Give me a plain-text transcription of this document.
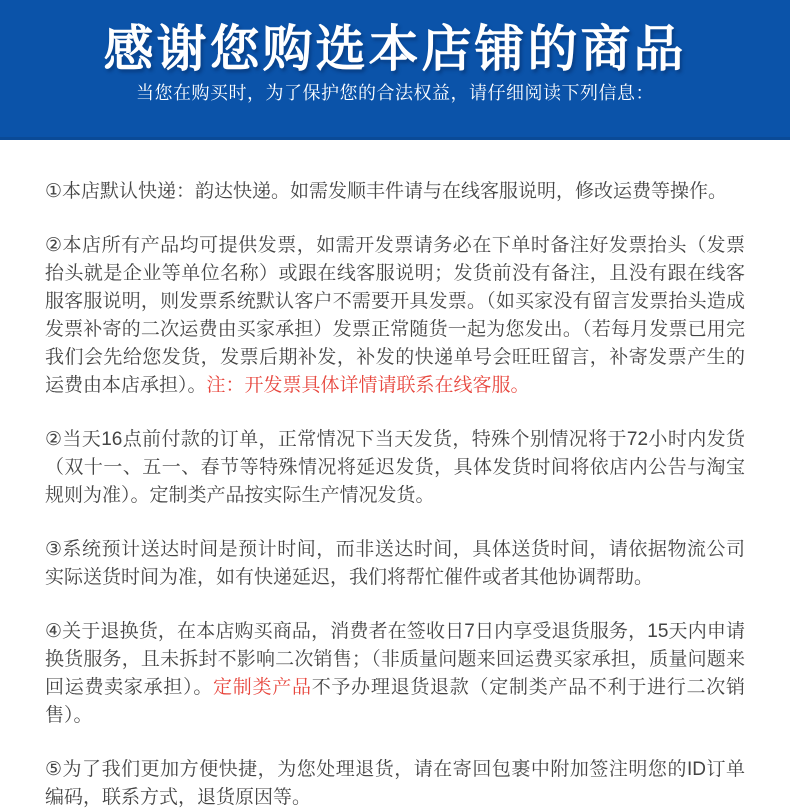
感谢您购选本店铺的商品
当您在购买时，为了保护您的合法权益，请仔细阅读下列信息：

①本店默认快递：韵达快递。如需发顺丰件请与在线客服说明，修改运费等操作。

②本店所有产品均可提供发票，如需开发票请务必在下单时备注好发票抬头（发票抬头就是企业等单位名称）或跟在线客服说明；发货前没有备注，且没有跟在线客服客服说明，则发票系统默认客户不需要开具发票。（如买家没有留言发票抬头造成发票补寄的二次运费由买家承担）发票正常随货一起为您发出。（若每月发票已用完我们会先给您发货，发票后期补发，补发的快递单号会旺旺留言，补寄发票产生的运费由本店承担）。注：开发票具体详情请联系在线客服。

②当天16点前付款的订单，正常情况下当天发货，特殊个别情况将于72小时内发货（双十一、五一、春节等特殊情况将延迟发货，具体发货时间将依店内公告与淘宝规则为准）。定制类产品按实际生产情况发货。

③系统预计送达时间是预计时间，而非送达时间，具体送货时间，请依据物流公司实际送货时间为准，如有快递延迟，我们将帮忙催件或者其他协调帮助。

④关于退换货，在本店购买商品，消费者在签收日7日内享受退货服务，15天内申请换货服务，且未拆封不影响二次销售；（非质量问题来回运费买家承担，质量问题来回运费卖家承担）。定制类产品不予办理退货退款（定制类产品不利于进行二次销售）。

⑤为了我们更加方便快捷，为您处理退货，请在寄回包裹中附加签注明您的ID订单编码，联系方式，退货原因等。
